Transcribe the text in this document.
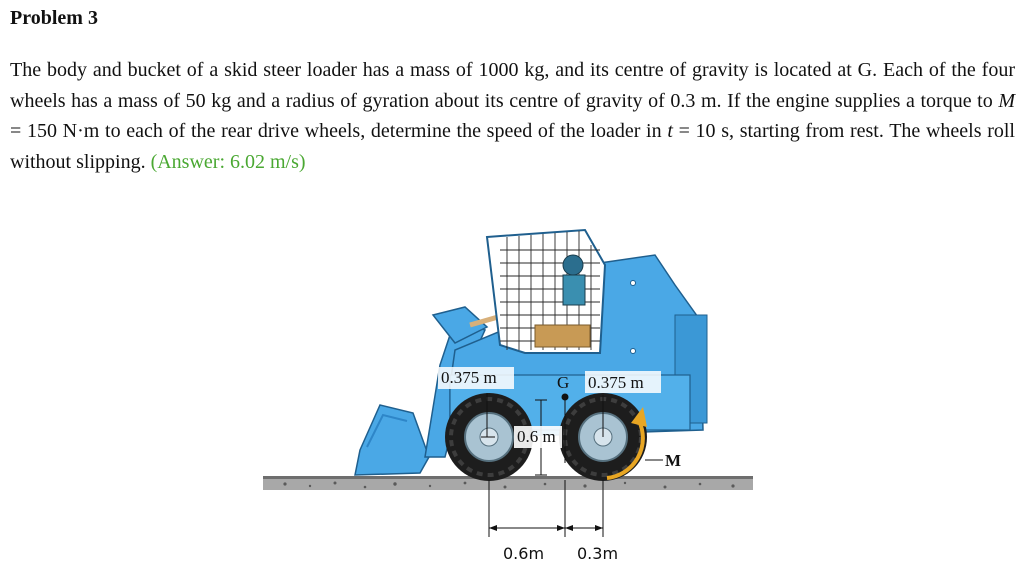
Problem 3
The body and bucket of a skid steer loader has a mass of 1000 kg, and its centre of gravity is located at G. Each of the four wheels has a mass of 50 kg and a radius of gyration about its centre of gravity of 0.3 m. If the engine supplies a torque to M = 150 N·m to each of the rear drive wheels, determine the speed of the loader in t = 10 s, starting from rest. The wheels roll without slipping. (Answer: 6.02 m/s)
0.375 m	0.375 m
G
0.6 m
M
0.6m 0.3m
